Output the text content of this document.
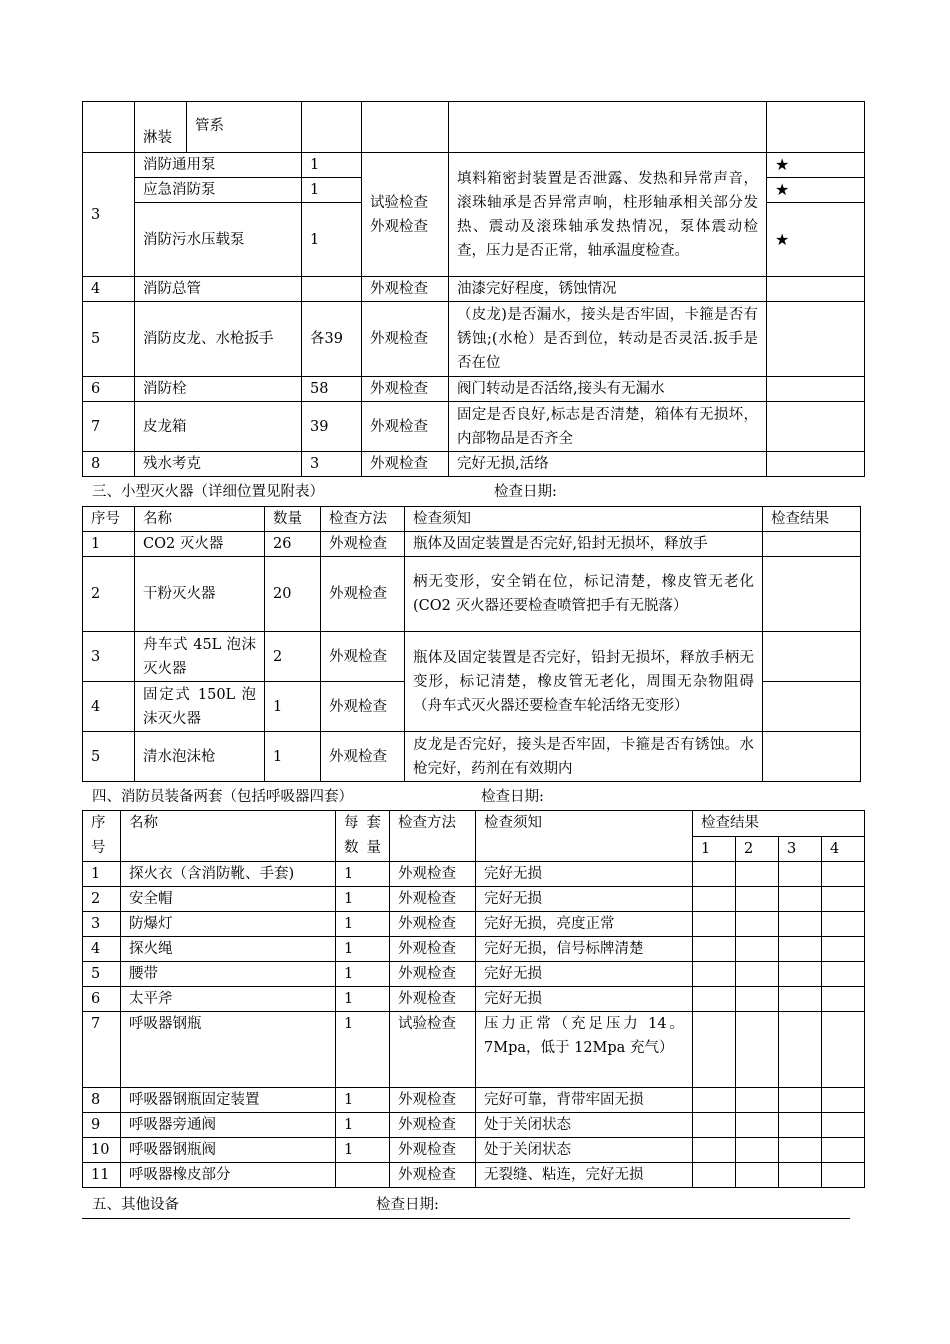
	淋装	管系				
3	消防通用泵		1	试验检查外观检查	填料箱密封装置是否泄露、发热和异常声音，滚珠轴承是否异常声响，柱形轴承相关部分发热、震动及滚珠轴承发热情况，泵体震动检查，压力是否正常，轴承温度检查。	★
	应急消防泵		1			★
	消防污水压载泵		1			★
4	消防总管			外观检查	油漆完好程度，锈蚀情况	
5	消防皮龙、水枪扳手		各39	外观检查	（皮龙)是否漏水，接头是否牢固，卡箍是否有锈蚀;(水枪）是否到位，转动是否灵活.扳手是否在位	
6	消防栓		58	外观检查	阀门转动是否活络,接头有无漏水	
7	皮龙箱		39	外观检查	固定是否良好,标志是否清楚，箱体有无损坏，内部物品是否齐全	
8	残水考克		3	外观检查	完好无损,活络	
三、小型灭火器（详细位置见附表）	检查日期:
序号	名称	数量	检查方法	检查须知	检查结果
1	CO2 灭火器	26	外观检查	瓶体及固定装置是否完好,铅封无损坏，释放手	
2	干粉灭火器	20	外观检查	柄无变形，安全销在位，标记清楚，橡皮管无老化(CO2 灭火器还要检查喷管把手有无脱落）	
3	舟车式 45L 泡沫灭火器	2	外观检查	瓶体及固定装置是否完好，铅封无损坏，释放手柄无变形，标记清楚，橡皮管无老化，周围无杂物阻碍（舟车式灭火器还要检查车轮活络无变形）	
4	固定式 150L 泡沫灭火器	1	外观检查		
5	清水泡沫枪	1	外观检查	皮龙是否完好，接头是否牢固，卡箍是否有锈蚀。水枪完好，药剂在有效期内	
四、消防员装备两套（包括呼吸器四套）	检查日期:
序号	名称	每套数量	检查方法	检查须知	检查结果			
					1	2	3	4
1	探火衣（含消防靴、手套)	1	外观检查	完好无损				
2	安全帽	1	外观检查	完好无损				
3	防爆灯	1	外观检查	完好无损，亮度正常				
4	探火绳	1	外观检查	完好无损，信号标牌清楚				
5	腰带	1	外观检查	完好无损				
6	太平斧	1	外观检查	完好无损				
7	呼吸器钢瓶	1	试验检查	压力正常（充足压力 14。7Mpa，低于 12Mpa 充气）				
8	呼吸器钢瓶固定装置	1	外观检查	完好可靠，背带牢固无损				
9	呼吸器旁通阀	1	外观检查	处于关闭状态				
10	呼吸器钢瓶阀	1	外观检查	处于关闭状态				
11	呼吸器橡皮部分		外观检查	无裂缝、粘连，完好无损				
五、其他设备	检查日期:
